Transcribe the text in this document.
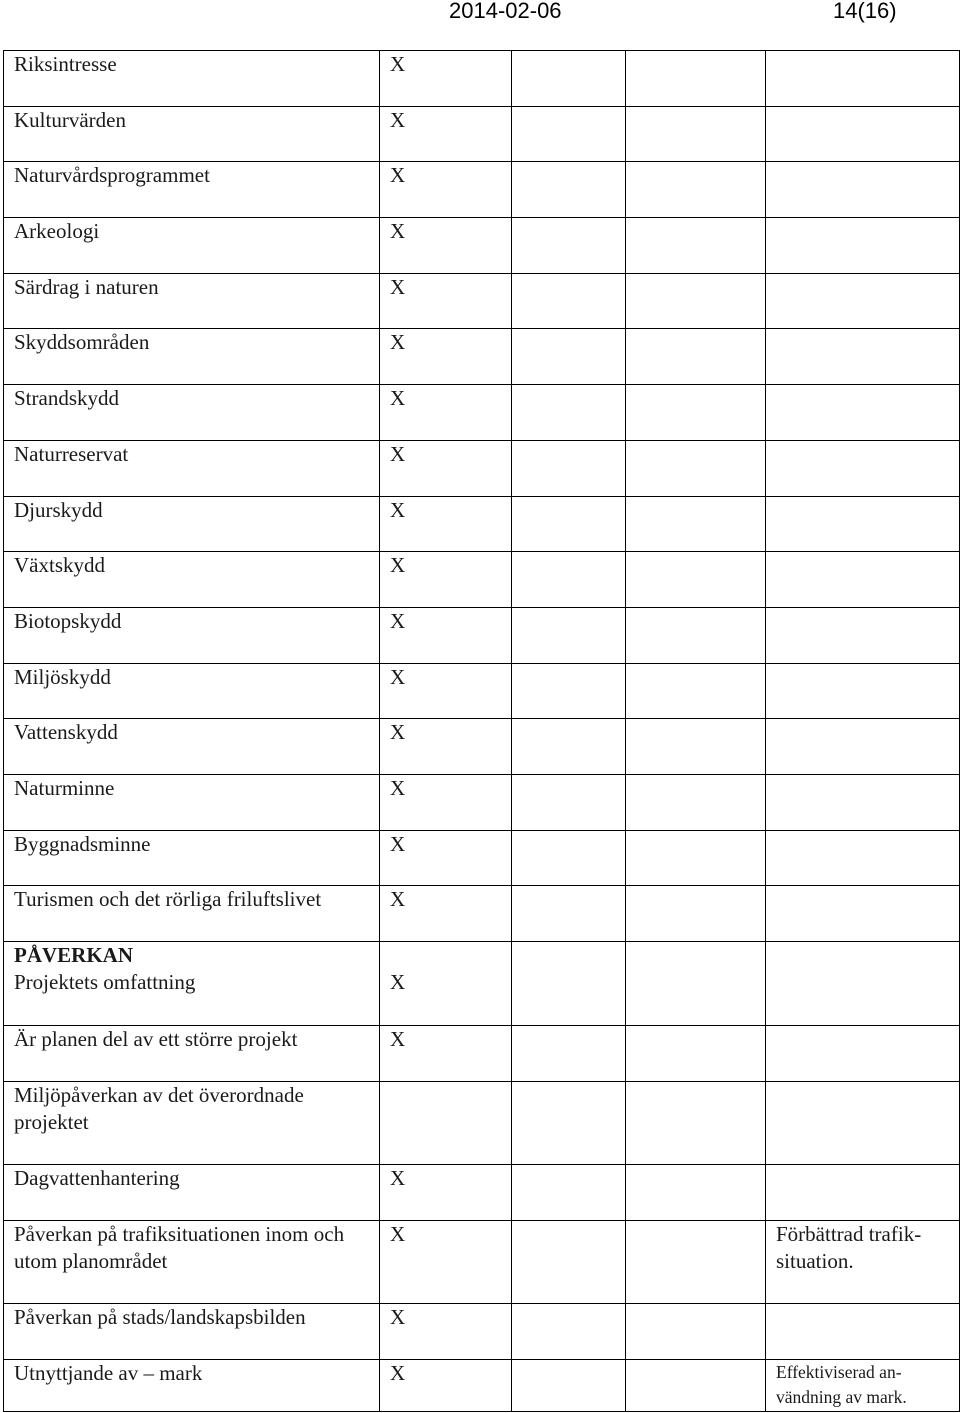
2014-02-06	14(16)
Riksintresse	X			

Kulturvärden	X			

Naturvårdsprogrammet	X			

Arkeologi	X			

Särdrag i naturen	X			

Skyddsområden	X			

Strandskydd	X			

Naturreservat	X			

Djurskydd	X			

Växtskydd	X			

Biotopskydd	X			

Miljöskydd	X			

Vattenskydd	X			

Naturminne	X			

Byggnadsminne	X			

Turismen och det rörliga friluftslivet	X			

PÅVERKAN
Projektets omfattning	X			

Är planen del av ett större projekt	X			

Miljöpåverkan av det överordnade projektet				

Dagvattenhantering	X			

Påverkan på trafiksituationen inom och utom planområdet	X			Förbättrad trafik-situation.

Påverkan på stads/landskapsbilden	X			

Utnyttjande av – mark	X			Effektiviserad an-vändning av mark.
